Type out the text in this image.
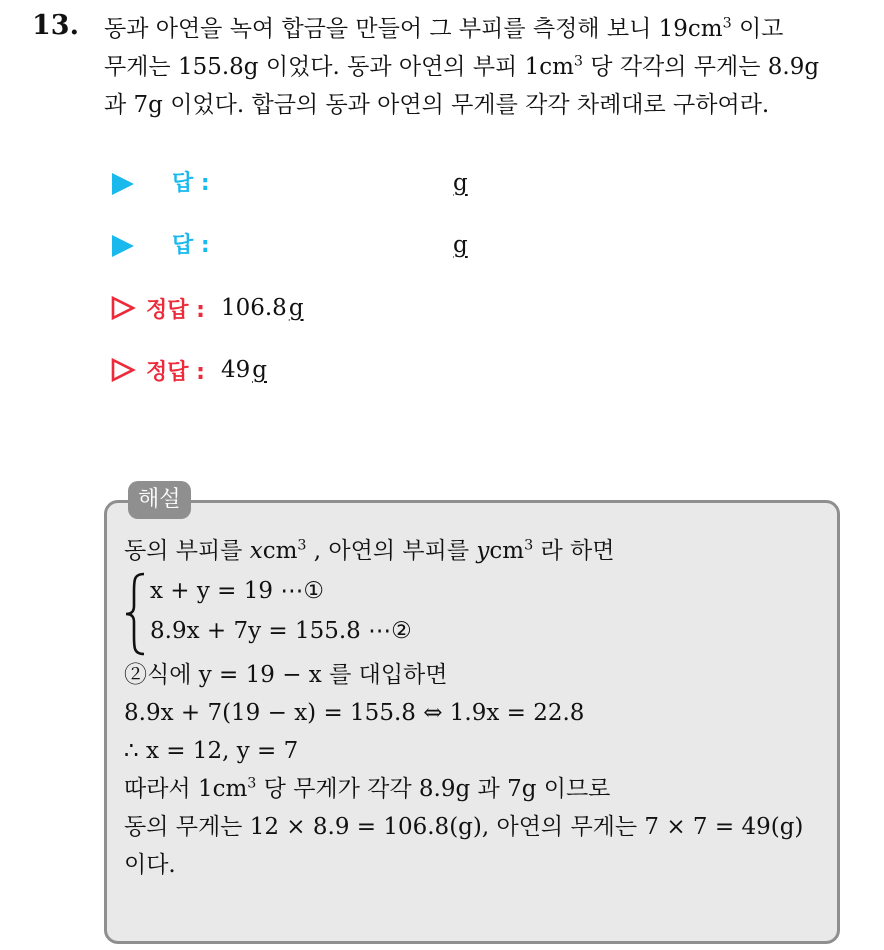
13. 동과 아연을 녹여 합금을 만들어 그 부피를 측정해 보니 $19cm^3$ 이고
무게는 155.8g 이었다. 동과 아연의 부피 $1cm^3$ 당 각각의 무게는 8.9g
과 7g 이었다. 합금의 동과 아연의 무게를 각각 차례대로 구하여라.
답 :	g
답 :	g
정답 : 106.8g
정답 : 49g
해설
동의 부피를 xcm$^3$ , 아연의 부피를 ycm$^3$ 라 하면
x + y = 19 ⋯①
8.9x + 7y = 155.8 ⋯②
②식에 y = 19 − x 를 대입하면
8.9x + 7(19 − x) = 155.8 ⇔ 1.9x = 22.8
∴ x = 12, y = 7
따라서 $1cm^3$ 당 무게가 각각 8.9g 과 7g 이므로
동의 무게는 12 × 8.9 = 106.8(g), 아연의 무게는 7 × 7 = 49(g)
이다.
